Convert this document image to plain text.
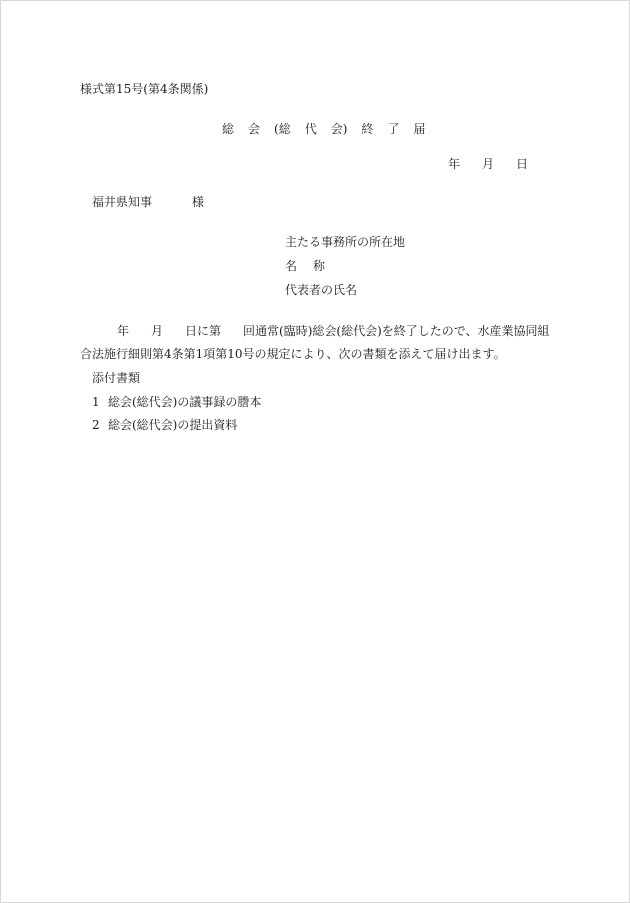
様式第15号(第4条関係)
総 会 (総 代 会) 終 了 届
年 月 日
福井県知事	様
主たる事務所の所在地
名 称
代表者の氏名
年 月 日に第 回通常(臨時)総会(総代会)を終了したので、水産業協同組
合法施行細則第4条第1項第10号の規定により、次の書類を添えて届け出ます。
添付書類
1 総会(総代会)の議事録の謄本
2 総会(総代会)の提出資料
